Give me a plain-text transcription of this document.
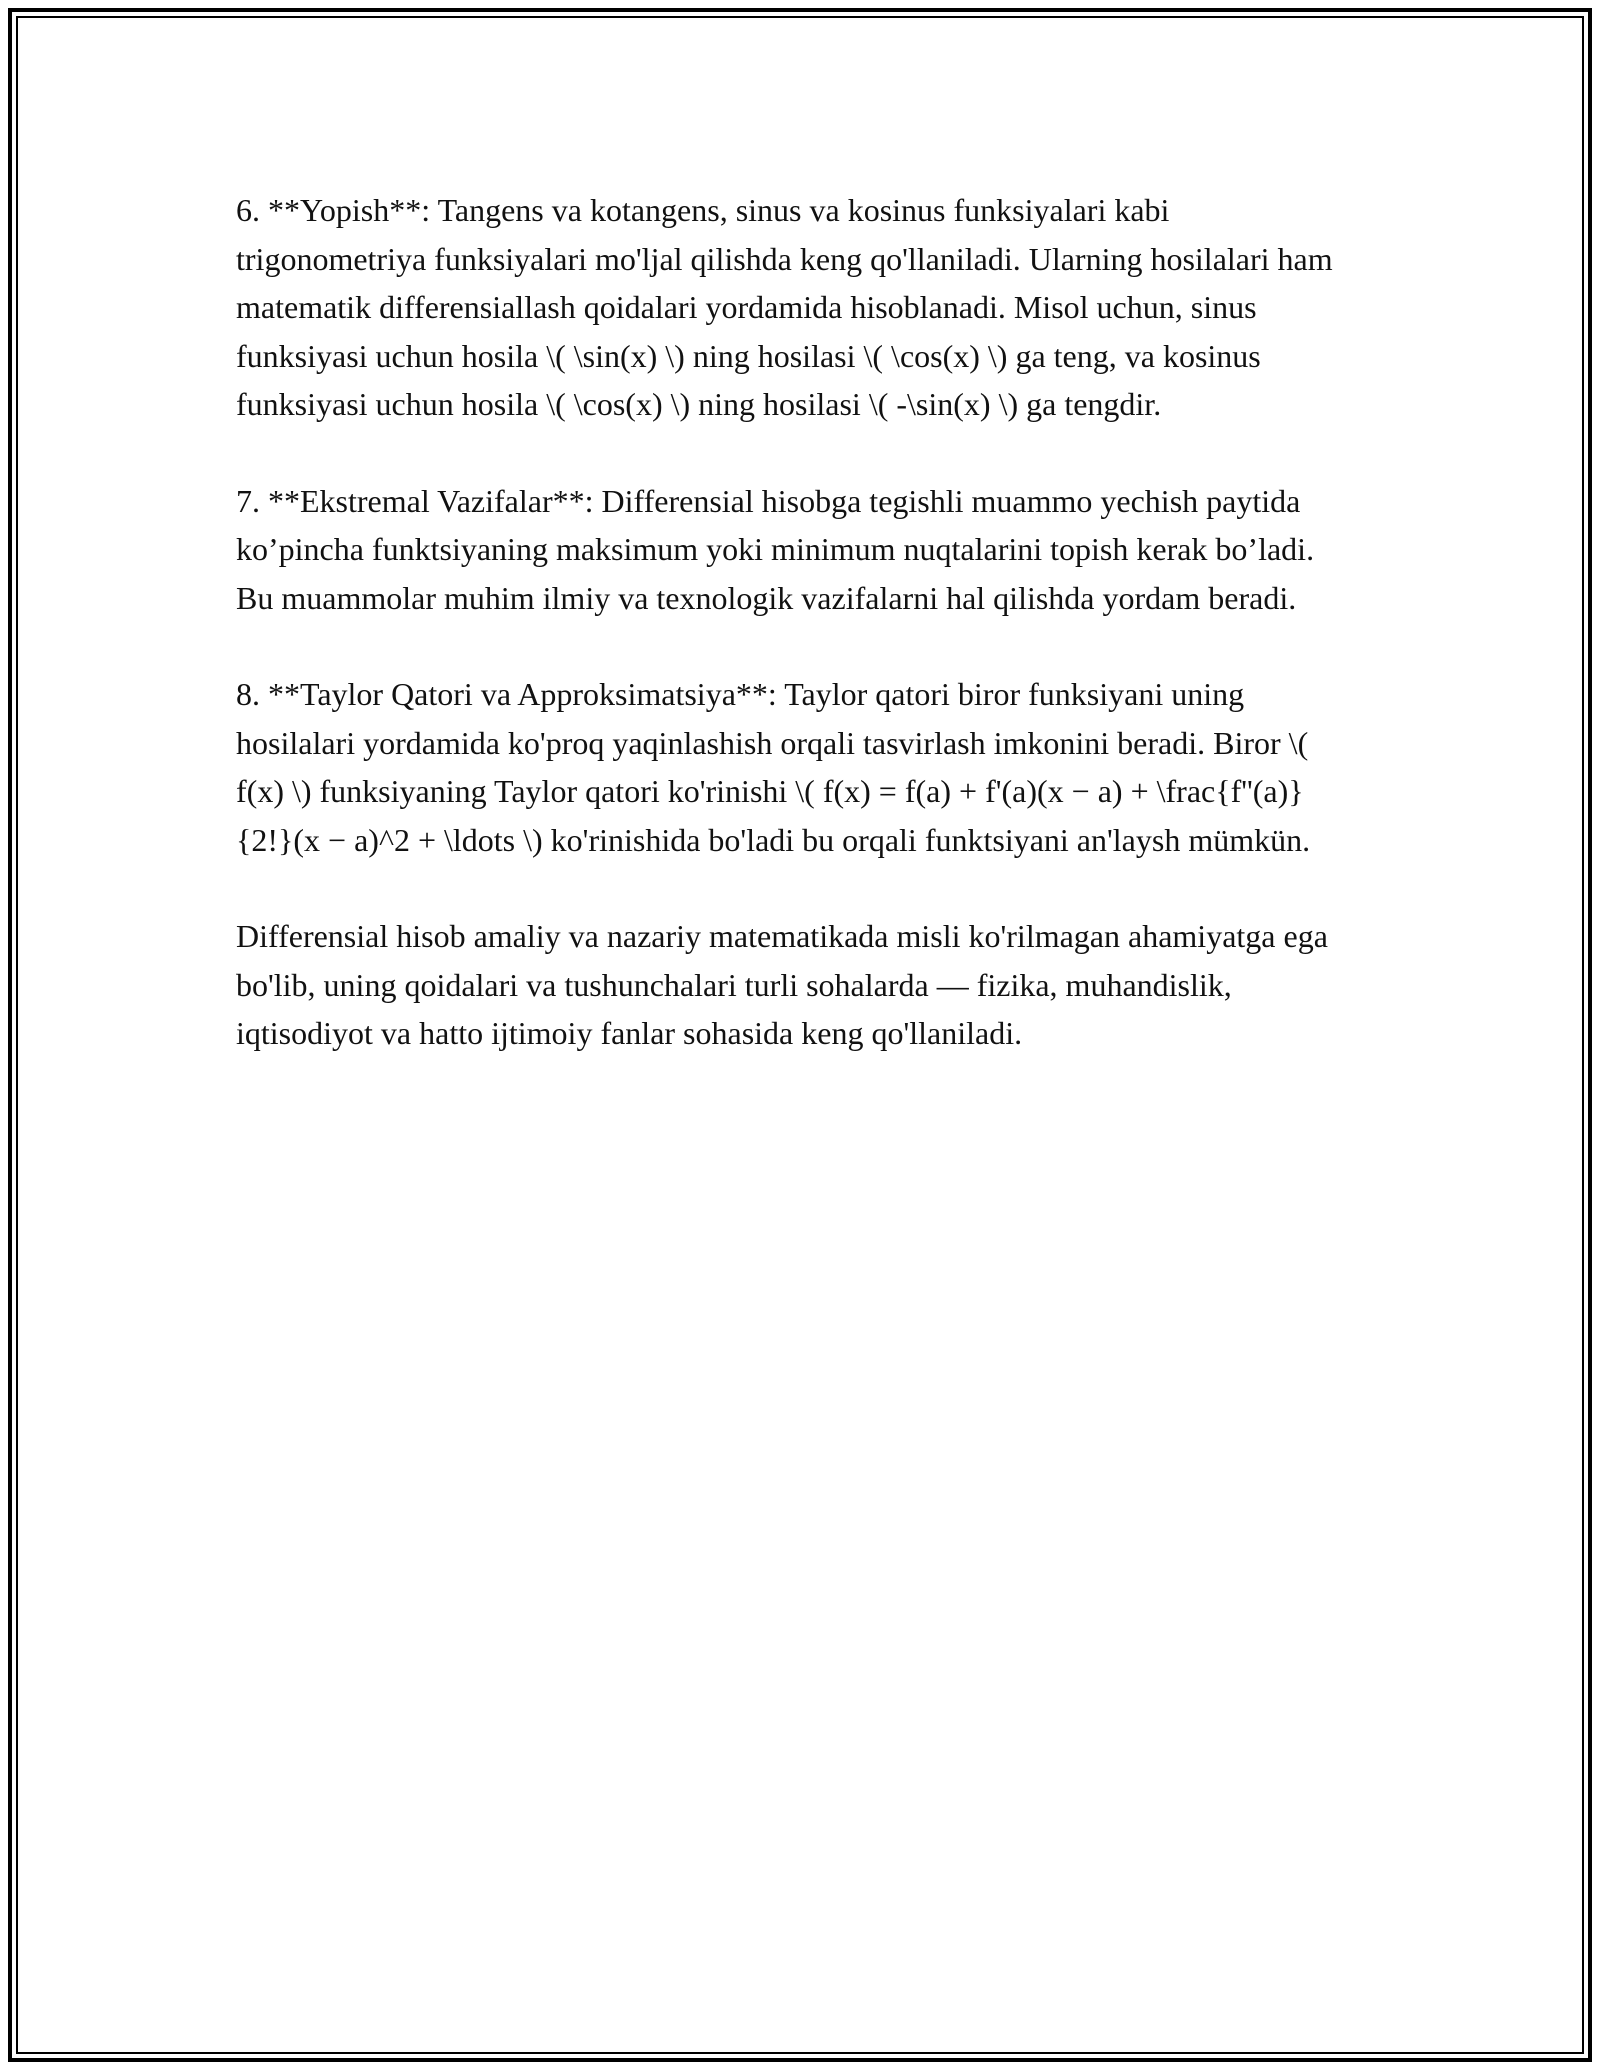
6. **Yopish**: Tangens va kotangens, sinus va kosinus funksiyalari kabi trigonometriya funksiyalari mo'ljal qilishda keng qo'llaniladi. Ularning hosilalari ham matematik differensiallash qoidalari yordamida hisoblanadi. Misol uchun, sinus funksiyasi uchun hosila \( \sin(x) \) ning hosilasi \( \cos(x) \) ga teng, va kosinus funksiyasi uchun hosila \( \cos(x) \) ning hosilasi \( -\sin(x) \) ga tengdir.

7. **Ekstremal Vazifalar**: Differensial hisobga tegishli muammo yechish paytida ko’pincha funktsiyaning maksimum yoki minimum nuqtalarini topish kerak bo’ladi. Bu muammolar muhim ilmiy va texnologik vazifalarni hal qilishda yordam beradi.

8. **Taylor Qatori va Approksimatsiya**: Taylor qatori biror funksiyani uning hosilalari yordamida ko'proq yaqinlashish orqali tasvirlash imkonini beradi. Biror \( f(x) \) funksiyaning Taylor qatori ko'rinishi \( f(x) = f(a) + f'(a)(x − a) + \frac{f''(a)}{2!}(x − a)^2 + \ldots \) ko'rinishida bo'ladi bu orqali funktsiyani an'laysh mümkün.

Differensial hisob amaliy va nazariy matematikada misli ko'rilmagan ahamiyatga ega bo'lib, uning qoidalari va tushunchalari turli sohalarda — fizika, muhandislik, iqtisodiyot va hatto ijtimoiy fanlar sohasida keng qo'llaniladi.
